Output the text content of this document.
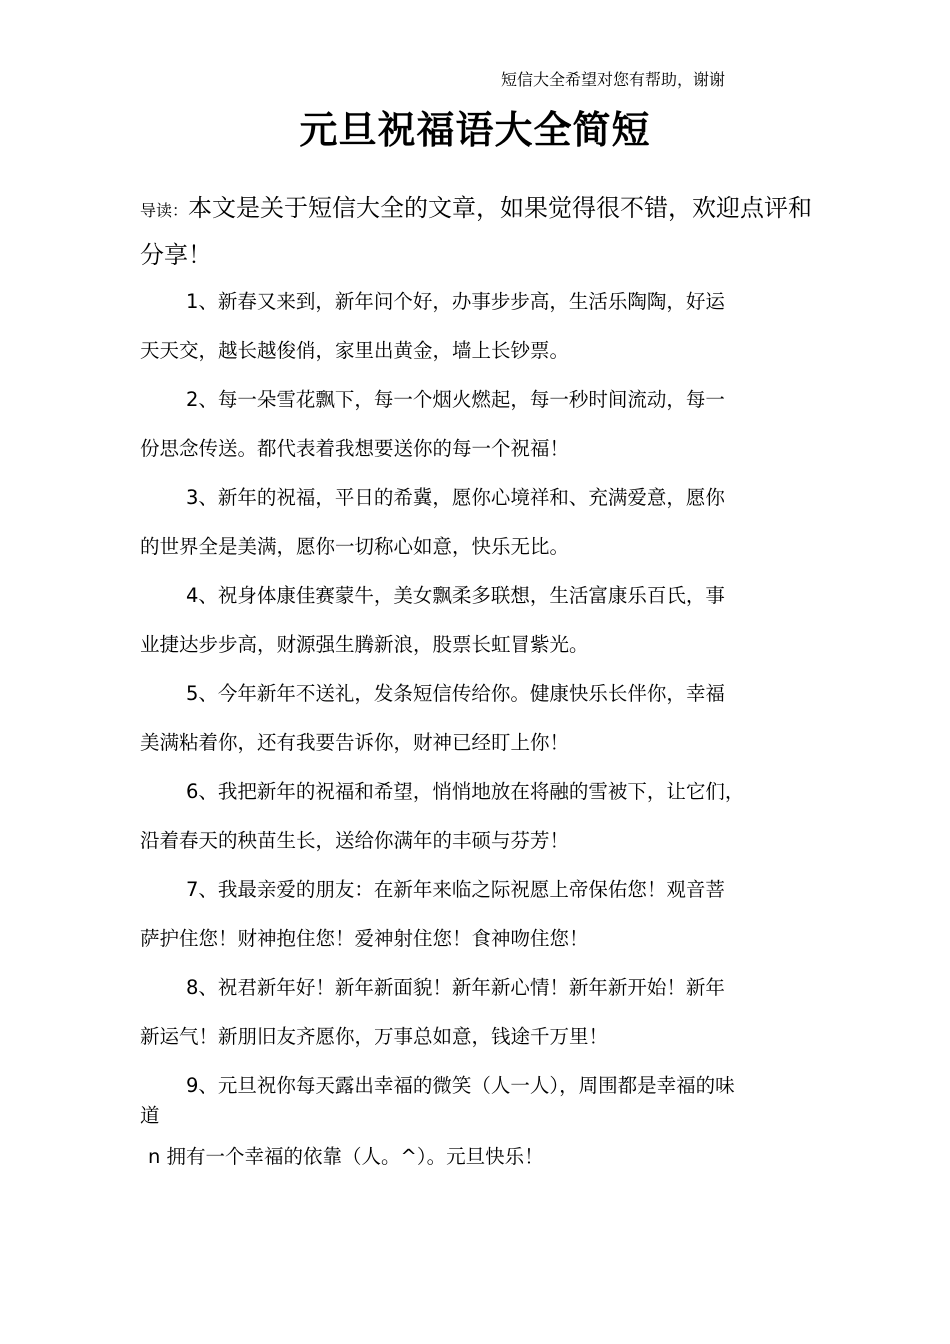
短信大全希望对您有帮助，谢谢
元旦祝福语大全简短
导读：本文是关于短信大全的文章，如果觉得很不错，欢迎点评和分享！
1、新春又来到，新年问个好，办事步步高，生活乐陶陶，好运
天天交，越长越俊俏，家里出黄金，墙上长钞票。
2、每一朵雪花飘下，每一个烟火燃起，每一秒时间流动，每一
份思念传送。都代表着我想要送你的每一个祝福！
3、新年的祝福，平日的希冀，愿你心境祥和、充满爱意，愿你
的世界全是美满，愿你一切称心如意，快乐无比。
4、祝身体康佳赛蒙牛，美女飘柔多联想，生活富康乐百氏，事
业捷达步步高，财源强生腾新浪，股票长虹冒紫光。
5、今年新年不送礼，发条短信传给你。健康快乐长伴你，幸福
美满粘着你，还有我要告诉你，财神已经盯上你！
6、我把新年的祝福和希望，悄悄地放在将融的雪被下，让它们，
沿着春天的秧苗生长，送给你满年的丰硕与芬芳！
7、我最亲爱的朋友：在新年来临之际祝愿上帝保佑您！观音菩
萨护住您！财神抱住您！爱神射住您！食神吻住您！
8、祝君新年好！新年新面貌！新年新心情！新年新开始！新年
新运气！新朋旧友齐愿你，万事总如意，钱途千万里！
9、元旦祝你每天露出幸福的微笑（人一人），周围都是幸福的味
道
n 拥有一个幸福的依靠（人。^）。元旦快乐！
